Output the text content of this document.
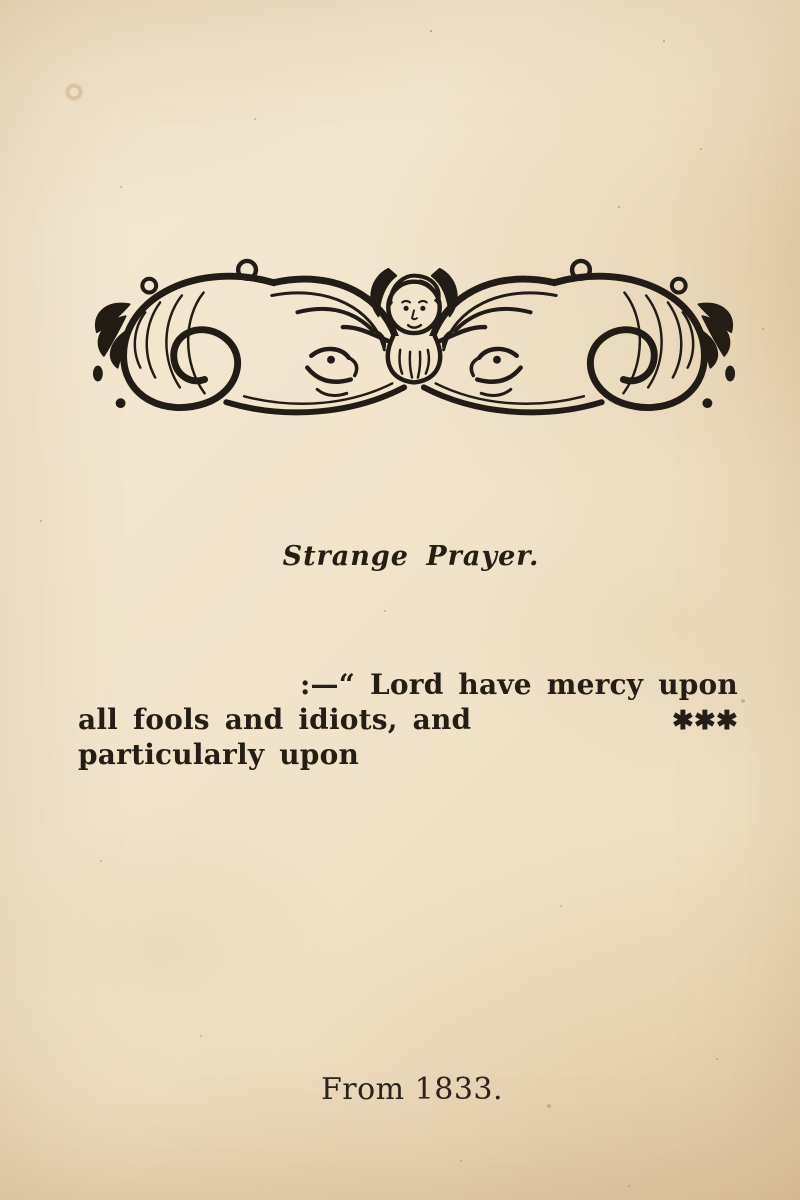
Strange Prayer.
:—“ Lord have mercy upon
all fools and idiots, and particularly upon
✱ ✱ ✱
From 1833.
